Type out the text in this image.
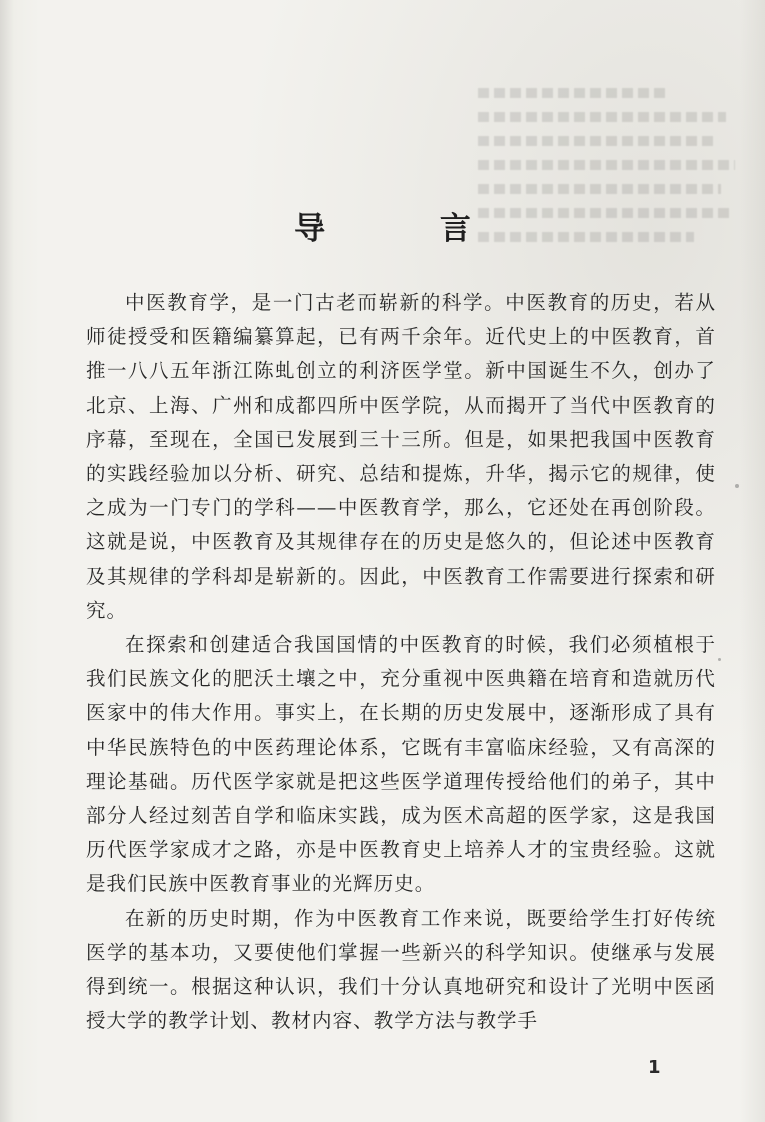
导 言

中医教育学，是一门古老而崭新的科学。中医教育的历史，若从师徒授受和医籍编纂算起，已有两千余年。近代史上的中医教育，首推一八八五年浙江陈虬创立的利济医学堂。新中国诞生不久，创办了北京、上海、广州和成都四所中医学院，从而揭开了当代中医教育的序幕，至现在，全国已发展到三十三所。但是，如果把我国中医教育的实践经验加以分析、研究、总结和提炼，升华，揭示它的规律，使之成为一门专门的学科——中医教育学，那么，它还处在再创阶段。这就是说，中医教育及其规律存在的历史是悠久的，但论述中医教育及其规律的学科却是崭新的。因此，中医教育工作需要进行探索和研究。

在探索和创建适合我国国情的中医教育的时候，我们必须植根于我们民族文化的肥沃土壤之中，充分重视中医典籍在培育和造就历代医家中的伟大作用。事实上，在长期的历史发展中，逐渐形成了具有中华民族特色的中医药理论体系，它既有丰富临床经验，又有高深的理论基础。历代医学家就是把这些医学道理传授给他们的弟子，其中部分人经过刻苦自学和临床实践，成为医术高超的医学家，这是我国历代医学家成才之路，亦是中医教育史上培养人才的宝贵经验。这就是我们民族中医教育事业的光辉历史。

在新的历史时期，作为中医教育工作来说，既要给学生打好传统医学的基本功，又要使他们掌握一些新兴的科学知识。使继承与发展得到统一。根据这种认识，我们十分认真地研究和设计了光明中医函授大学的教学计划、教材内容、教学方法与教学手

1
